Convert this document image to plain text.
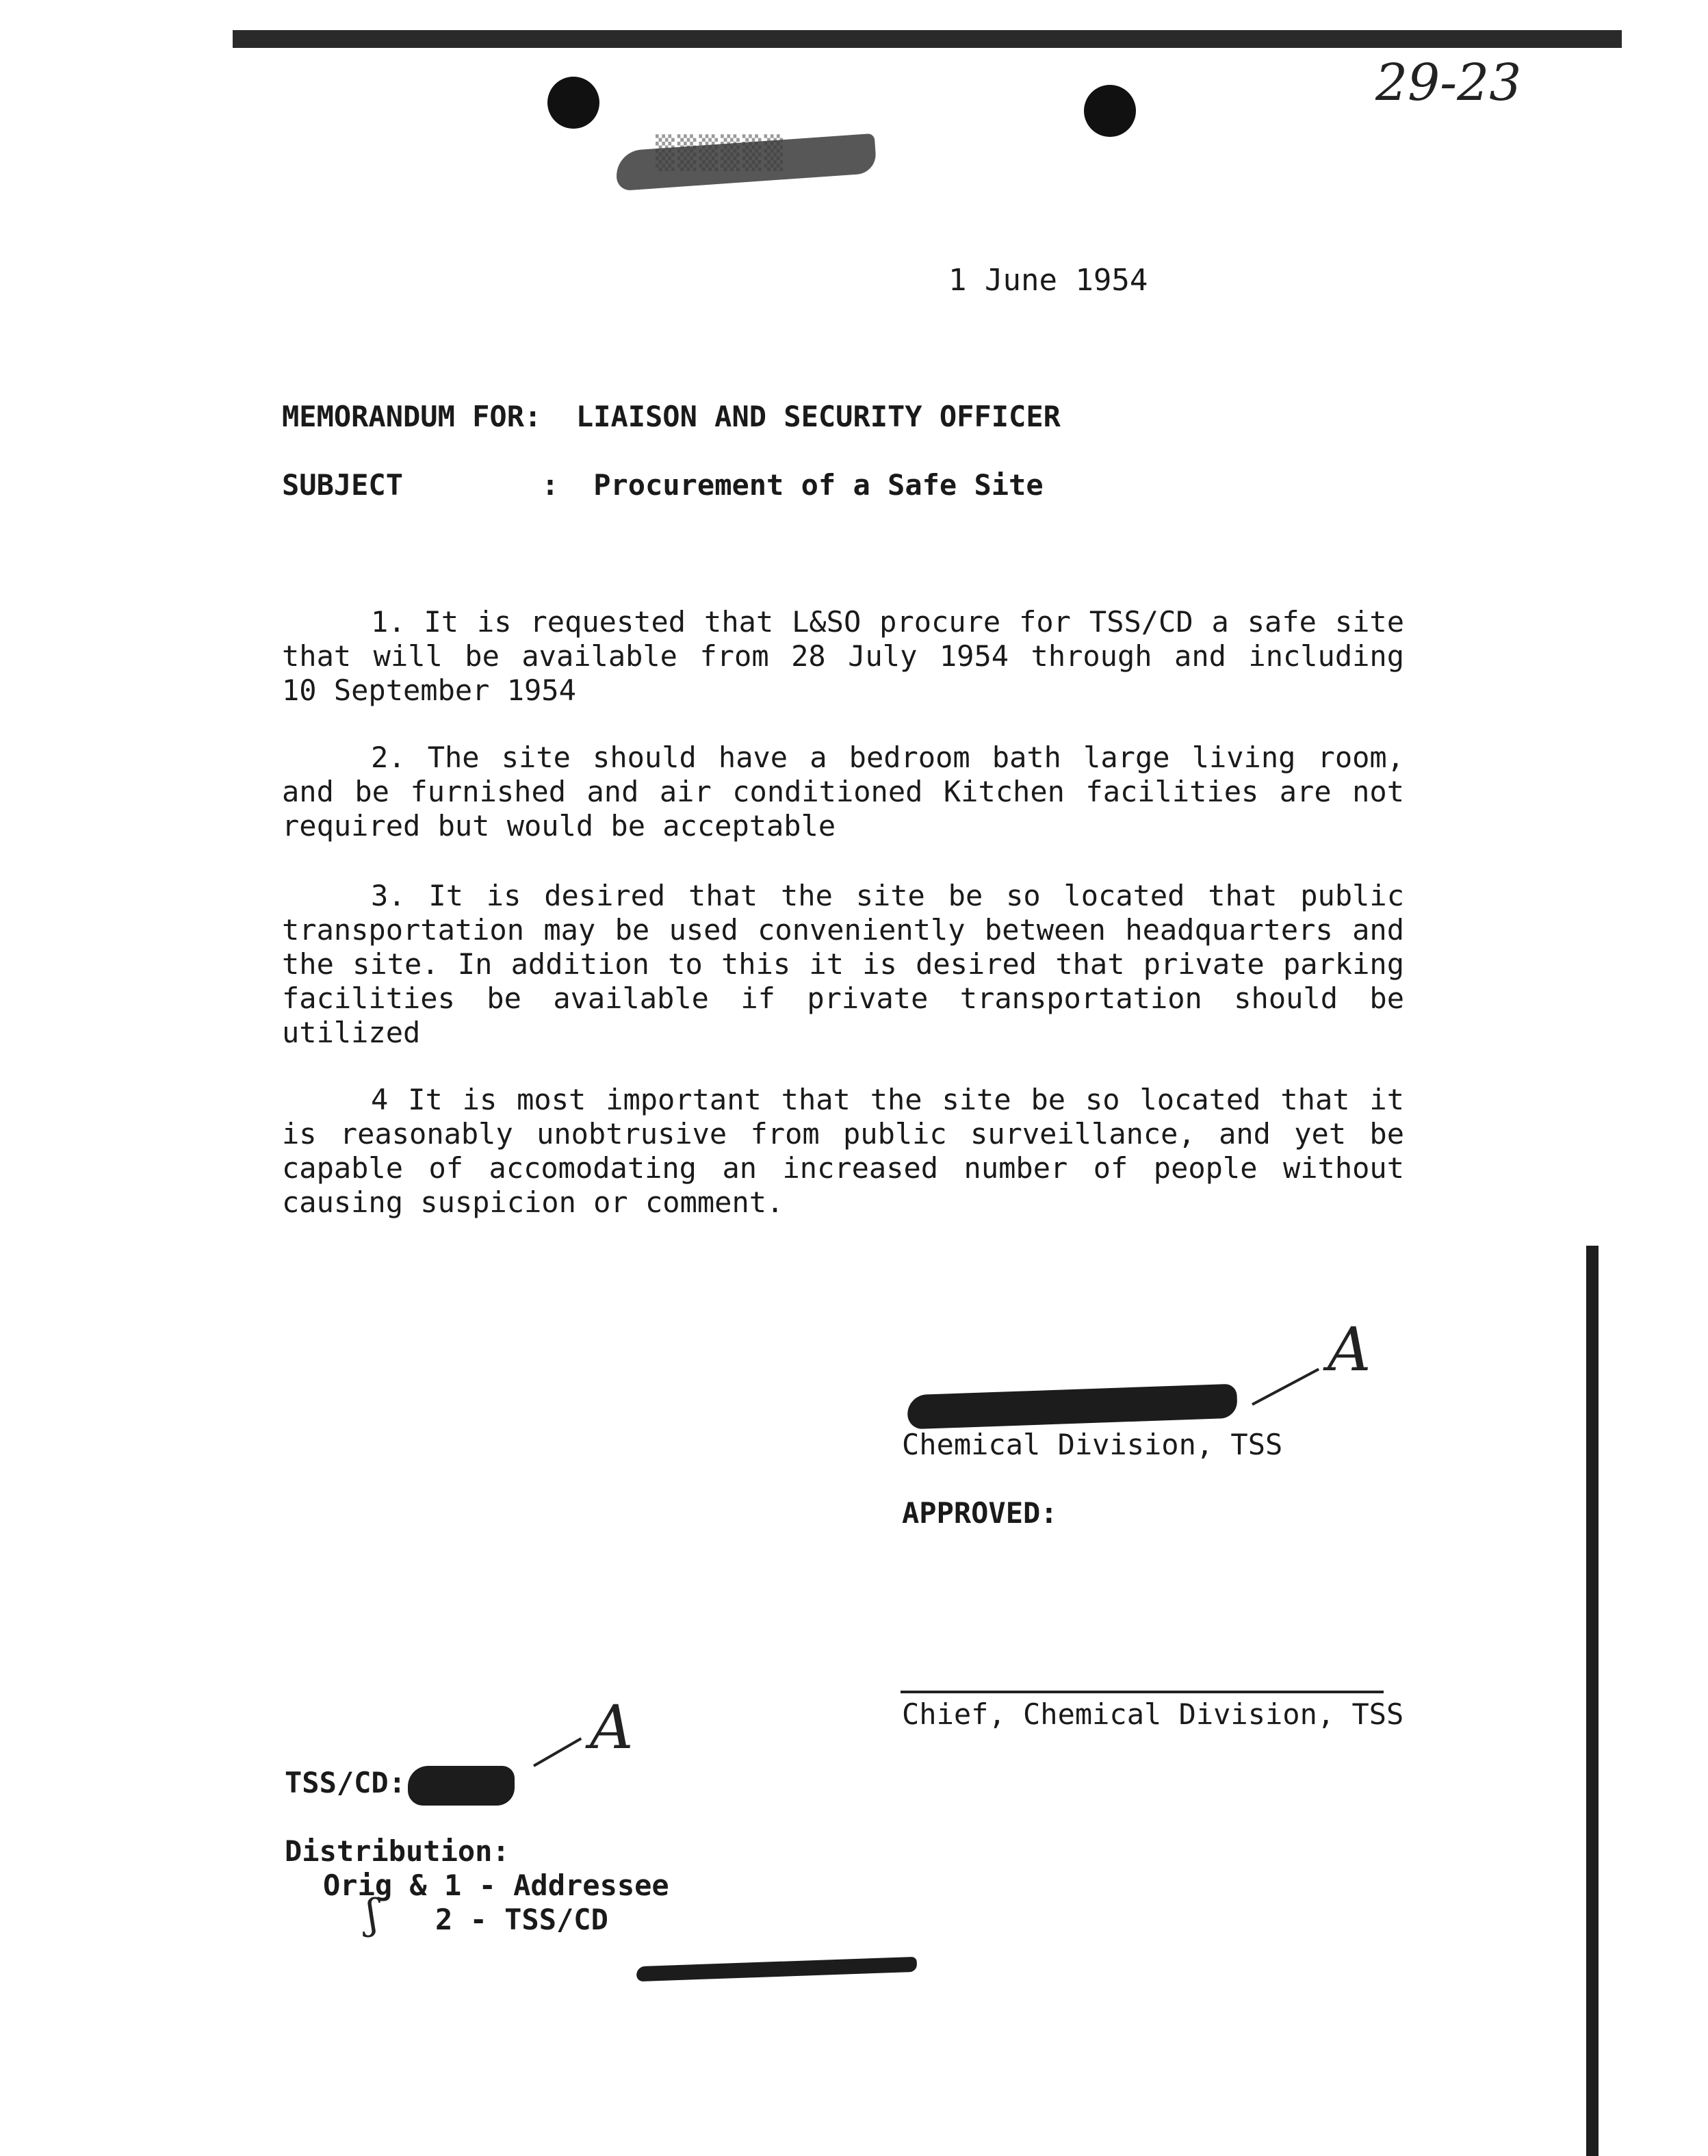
29-23
1 June 1954
MEMORANDUM FOR: LIAISON AND SECURITY OFFICER
SUBJECT	: Procurement of a Safe Site
1. It is requested that L&SO procure for TSS/CD a safe site that will be available from 28 July 1954 through and including 10 September 1954
2. The site should have a bedroom bath large living room, and be furnished and air conditioned Kitchen facilities are not required but would be acceptable
3. It is desired that the site be so located that public transportation may be used conveniently between headquarters and the site. In addition to this it is desired that private parking facilities be available if private transportation should be utilized
4 It is most important that the site be so located that it is reasonably unobtrusive from public surveillance, and yet be capable of accomodating an increased number of people without causing suspicion or comment.
A
Chemical Division, TSS
APPROVED:
Chief, Chemical Division, TSS
TSS/CD:
A
Distribution:
Orig & 1 - Addressee
ʃ 2 - TSS/CD
